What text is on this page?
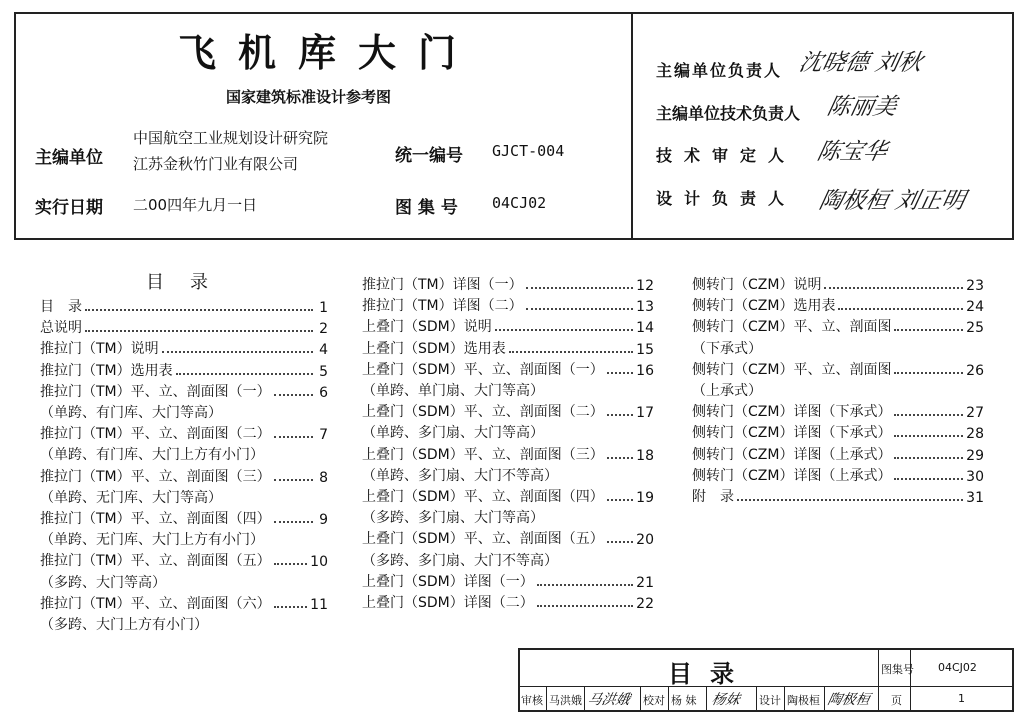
飞机库大门
国家建筑标准设计参考图
主编单位
中国航空工业规划设计研究院
江苏金秋竹门业有限公司	统一编号 GJCT-004
实行日期 二00四年九月一日	图 集 号 04CJ02
主编单位负责人 沈晓德 刘秋
主编单位技术负责人 陈丽美
技术审定人 陈宝华
设计负责人 陶极桓 刘正明
目录
目　录	1
总说明	2
推拉门（TM）说明	4
推拉门（TM）选用表	5
推拉门（TM）平、立、剖面图（一）	6
（单跨、有门库、大门等高）
推拉门（TM）平、立、剖面图（二）	7
（单跨、有门库、大门上方有小门）
推拉门（TM）平、立、剖面图（三）	8
（单跨、无门库、大门等高）
推拉门（TM）平、立、剖面图（四）	9
（单跨、无门库、大门上方有小门）
推拉门（TM）平、立、剖面图（五）	10
（多跨、大门等高）
推拉门（TM）平、立、剖面图（六）	11
（多跨、大门上方有小门）
推拉门（TM）详图（一）	12
推拉门（TM）详图（二）	13
上叠门（SDM）说明	14
上叠门（SDM）选用表	15
上叠门（SDM）平、立、剖面图（一） 16
（单跨、单门扇、大门等高）
上叠门（SDM）平、立、剖面图（二） 17
（单跨、多门扇、大门等高）
上叠门（SDM）平、立、剖面图（三） 18
（单跨、多门扇、大门不等高）
上叠门（SDM）平、立、剖面图（四） 19
（多跨、多门扇、大门等高）
上叠门（SDM）平、立、剖面图（五） 20
（多跨、多门扇、大门不等高）
上叠门（SDM）详图（一）	21
上叠门（SDM）详图（二）	22
侧转门（CZM）说明	23
侧转门（CZM）选用表	24
侧转门（CZM）平、立、剖面图	25
（下承式）
侧转门（CZM）平、立、剖面图	26
（上承式）
侧转门（CZM）详图（下承式）	27
侧转门（CZM）详图（下承式）	28
侧转门（CZM）详图（上承式）	29
侧转门（CZM）详图（上承式）	30
附　录	31
目录	图集号 04CJ02
审核 马洪娥 马洪娥 校对 杨 妹 杨妹 设计 陶极桓 陶极桓 页	1
